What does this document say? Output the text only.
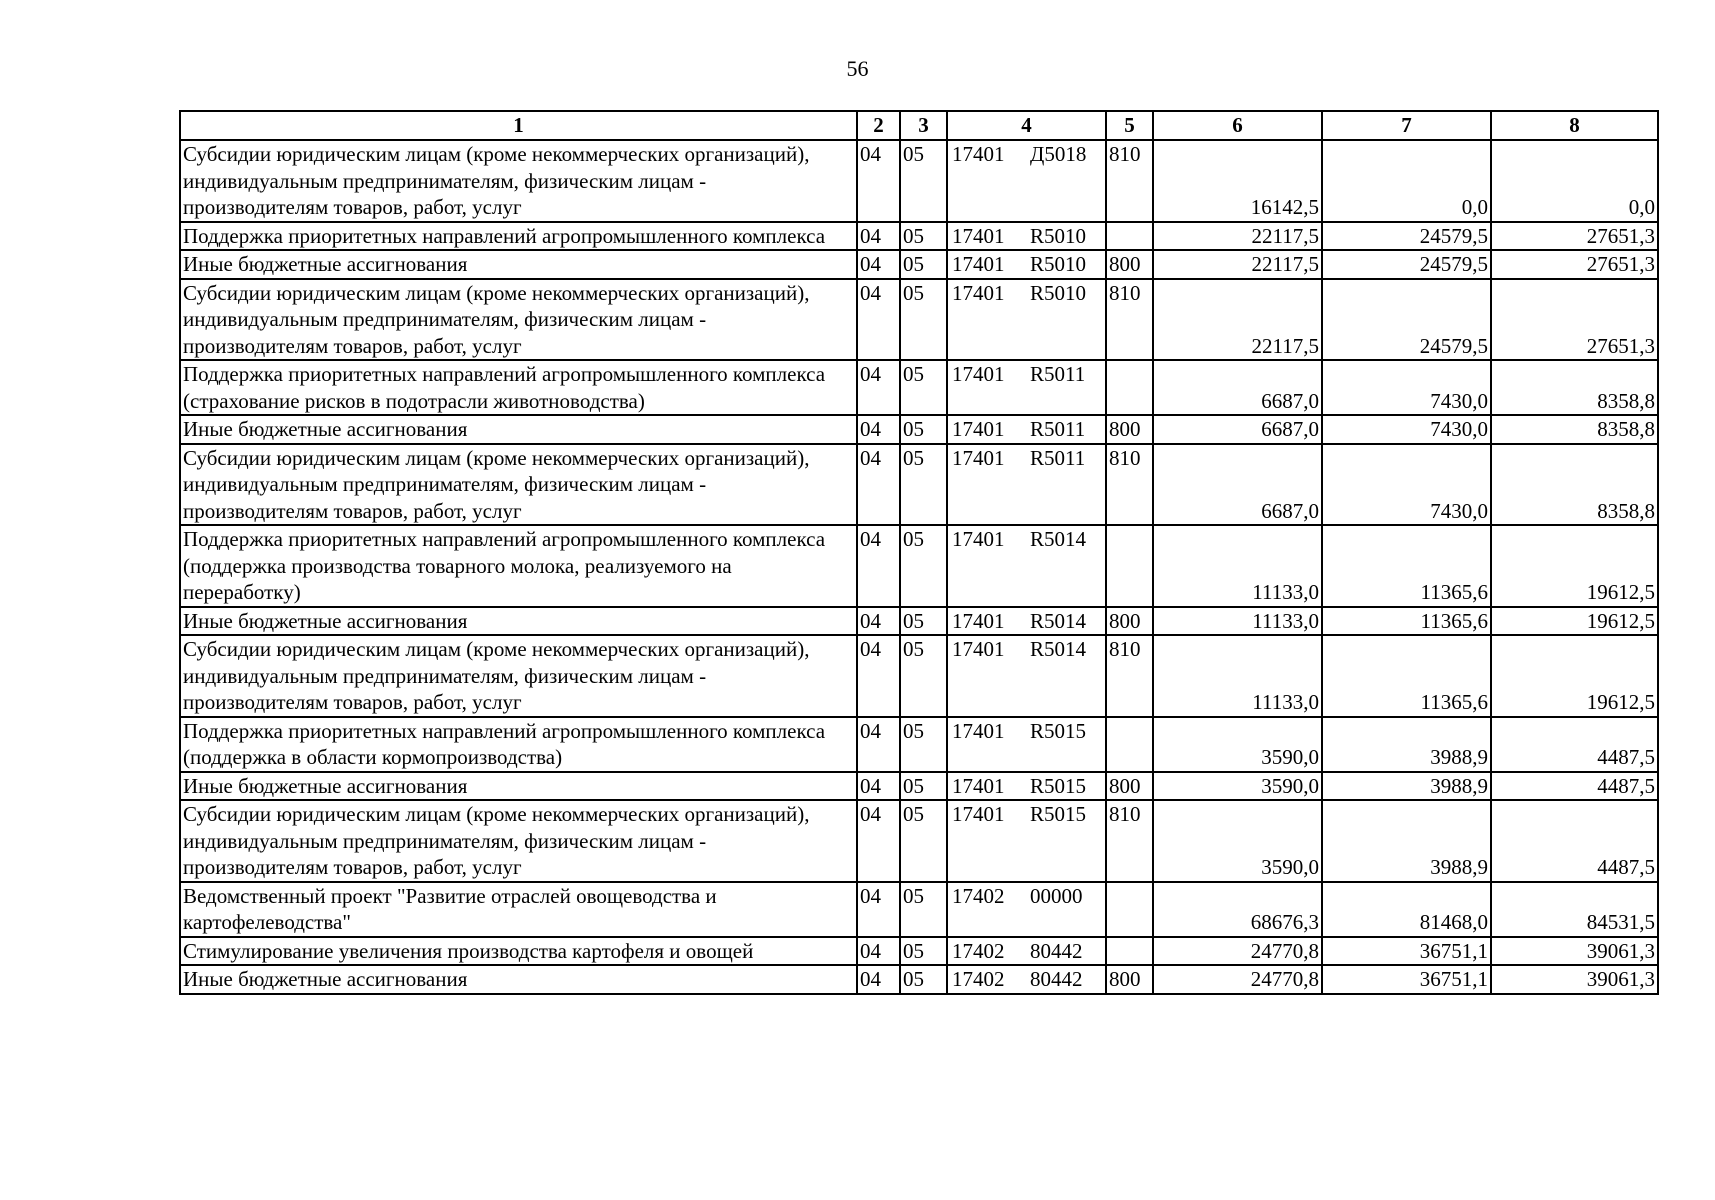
56
1	2	3	4	5	6	7	8
Субсидии юридическим лицам (кроме некоммерческих организаций), индивидуальным предпринимателям, физическим лицам - производителям товаров, работ, услуг	04	05	17401 Д5018	810	16142,5	0,0	0,0
Поддержка приоритетных направлений агропромышленного комплекса	04	05	17401 R5010		22117,5	24579,5	27651,3
Иные бюджетные ассигнования	04	05	17401 R5010	800	22117,5	24579,5	27651,3
Субсидии юридическим лицам (кроме некоммерческих организаций), индивидуальным предпринимателям, физическим лицам - производителям товаров, работ, услуг	04	05	17401 R5010	810	22117,5	24579,5	27651,3
Поддержка приоритетных направлений агропромышленного комплекса (страхование рисков в подотрасли животноводства)	04	05	17401 R5011		6687,0	7430,0	8358,8
Иные бюджетные ассигнования	04	05	17401 R5011	800	6687,0	7430,0	8358,8
Субсидии юридическим лицам (кроме некоммерческих организаций), индивидуальным предпринимателям, физическим лицам - производителям товаров, работ, услуг	04	05	17401 R5011	810	6687,0	7430,0	8358,8
Поддержка приоритетных направлений агропромышленного комплекса (поддержка производства товарного молока, реализуемого на переработку)	04	05	17401 R5014		11133,0	11365,6	19612,5
Иные бюджетные ассигнования	04	05	17401 R5014	800	11133,0	11365,6	19612,5
Субсидии юридическим лицам (кроме некоммерческих организаций), индивидуальным предпринимателям, физическим лицам - производителям товаров, работ, услуг	04	05	17401 R5014	810	11133,0	11365,6	19612,5
Поддержка приоритетных направлений агропромышленного комплекса (поддержка в области кормопроизводства)	04	05	17401 R5015		3590,0	3988,9	4487,5
Иные бюджетные ассигнования	04	05	17401 R5015	800	3590,0	3988,9	4487,5
Субсидии юридическим лицам (кроме некоммерческих организаций), индивидуальным предпринимателям, физическим лицам - производителям товаров, работ, услуг	04	05	17401 R5015	810	3590,0	3988,9	4487,5
Ведомственный проект "Развитие отраслей овощеводства и картофелеводства"	04	05	17402 00000		68676,3	81468,0	84531,5
Стимулирование увеличения производства картофеля и овощей	04	05	17402 80442		24770,8	36751,1	39061,3
Иные бюджетные ассигнования	04	05	17402 80442	800	24770,8	36751,1	39061,3
